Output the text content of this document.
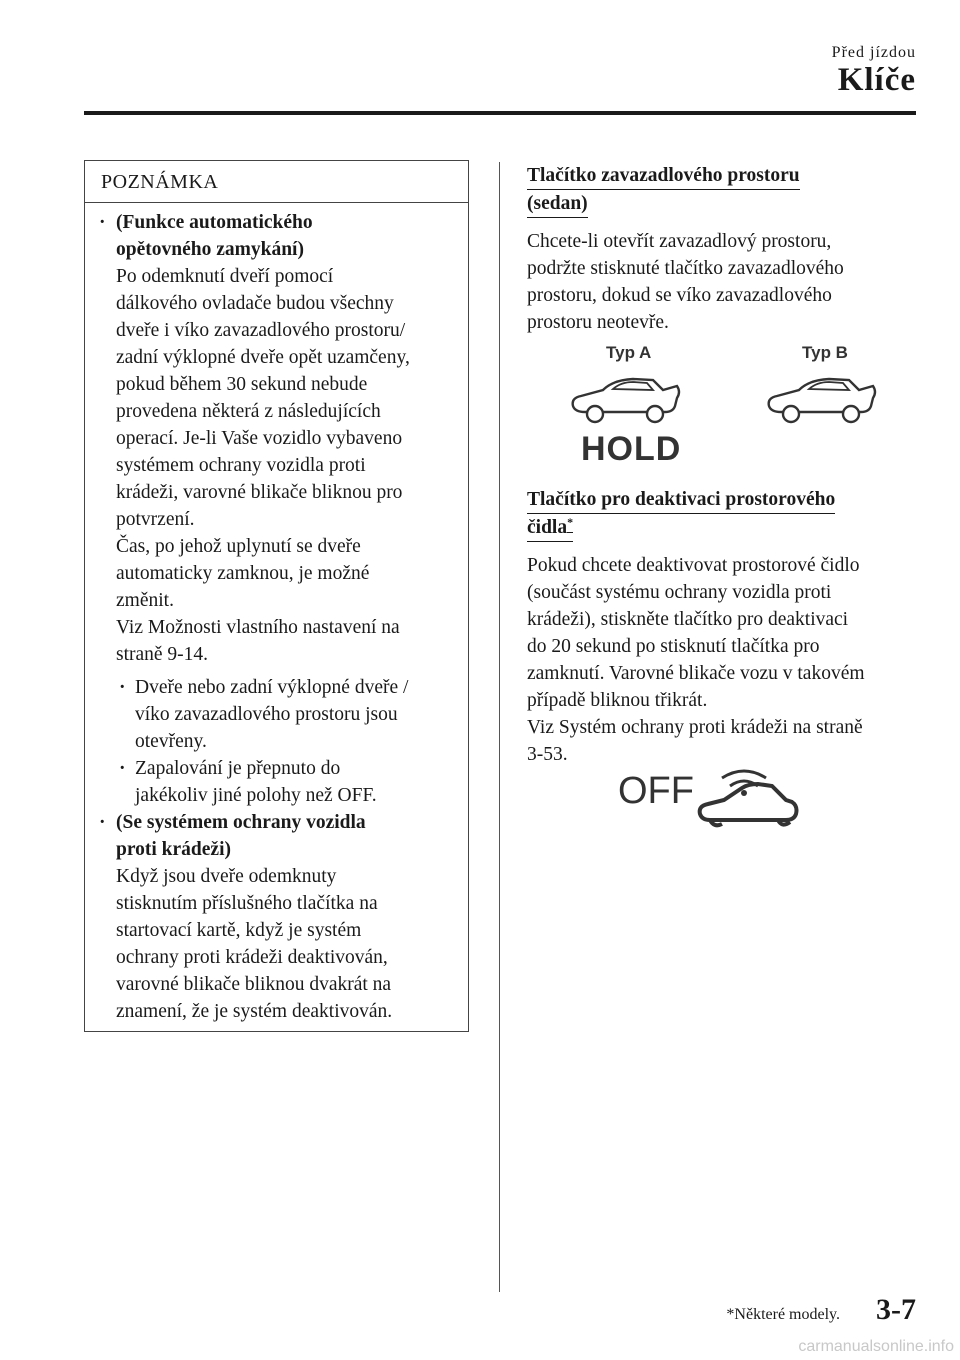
Před jízdou
Klíče
POZNÁMKA
· (Funkce automatického
opětovného zamykání)
Po odemknutí dveří pomocí
dálkového ovladače budou všechny
dveře i víko zavazadlového prostoru/
zadní výklopné dveře opět uzamčeny,
pokud během 30 sekund nebude
provedena některá z následujících
operací. Je-li Vaše vozidlo vybaveno
systémem ochrany vozidla proti
krádeži, varovné blikače bliknou pro
potvrzení.
Čas, po jehož uplynutí se dveře
automaticky zamknou, je možné
změnit.
Viz Možnosti vlastního nastavení na
straně 9-14.
· Dveře nebo zadní výklopné dveře /
víko zavazadlového prostoru jsou
otevřeny.
· Zapalování je přepnuto do
jakékoliv jiné polohy než OFF.
· (Se systémem ochrany vozidla
proti krádeži)
Když jsou dveře odemknuty
stisknutím příslušného tlačítka na
startovací kartě, když je systém
ochrany proti krádeži deaktivován,
varovné blikače bliknou dvakrát na
znamení, že je systém deaktivován.
Tlačítko zavazadlového prostoru
(sedan)
Chcete-li otevřít zavazadlový prostoru,
podržte stisknuté tlačítko zavazadlového
prostoru, dokud se víko zavazadlového
prostoru neotevře.
Typ A	Typ B
HOLD
Tlačítko pro deaktivaci prostorového
čidla*
Pokud chcete deaktivovat prostorové čidlo
(součást systému ochrany vozidla proti
krádeži), stiskněte tlačítko pro deaktivaci
do 20 sekund po stisknutí tlačítka pro
zamknutí. Varovné blikače vozu v takovém
případě bliknou třikrát.
Viz Systém ochrany proti krádeži na straně
3-53.
OFF
*Některé modely. 3-7
carmanualsonline.info
